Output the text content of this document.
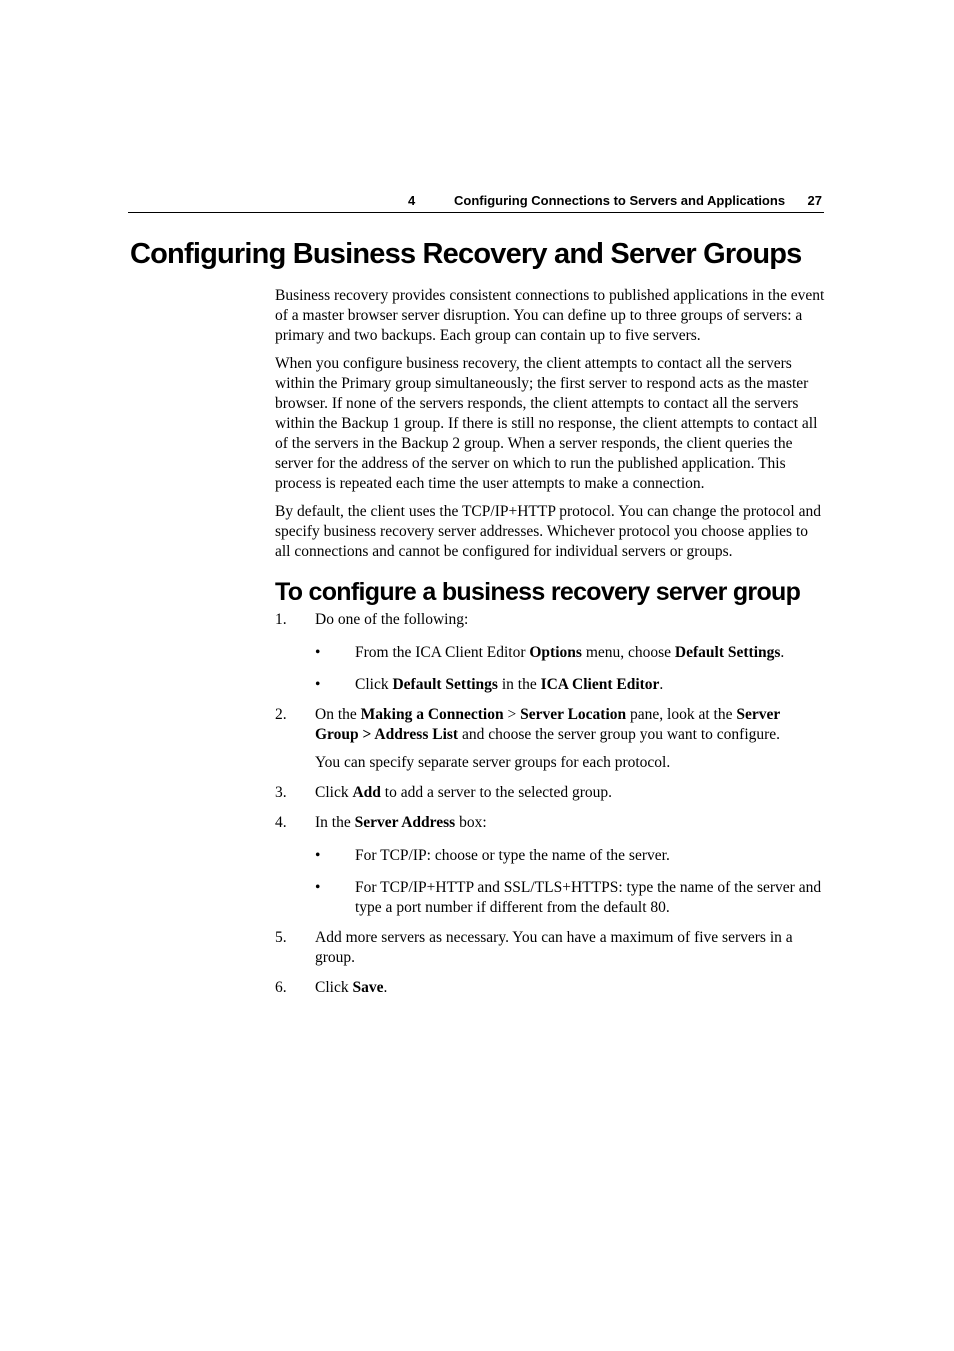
4	Configuring Connections to Servers and Applications 27
Configuring Business Recovery and Server Groups

Business recovery provides consistent connections to published applications in the event of a master browser server disruption. You can define up to three groups of servers: a primary and two backups. Each group can contain up to five servers.

When you configure business recovery, the client attempts to contact all the servers within the Primary group simultaneously; the first server to respond acts as the master browser. If none of the servers responds, the client attempts to contact all the servers within the Backup 1 group. If there is still no response, the client attempts to contact all of the servers in the Backup 2 group. When a server responds, the client queries the server for the address of the server on which to run the published application. This process is repeated each time the user attempts to make a connection.

By default, the client uses the TCP/IP+HTTP protocol. You can change the protocol and specify business recovery server addresses. Whichever protocol you choose applies to all connections and cannot be configured for individual servers or groups.

To configure a business recovery server group
1. Do one of the following:

• From the ICA Client Editor Options menu, choose Default Settings.
• Click Default Settings in the ICA Client Editor.
2. On the Making a Connection > Server Location pane, look at the Server Group > Address List and choose the server group you want to configure.

You can specify separate server groups for each protocol.

3. Click Add to add a server to the selected group.

4. In the Server Address box:

• For TCP/IP: choose or type the name of the server.
• For TCP/IP+HTTP and SSL/TLS+HTTPS: type the name of the server and type a port number if different from the default 80.
5. Add more servers as necessary. You can have a maximum of five servers in a group.

6. Click Save.
